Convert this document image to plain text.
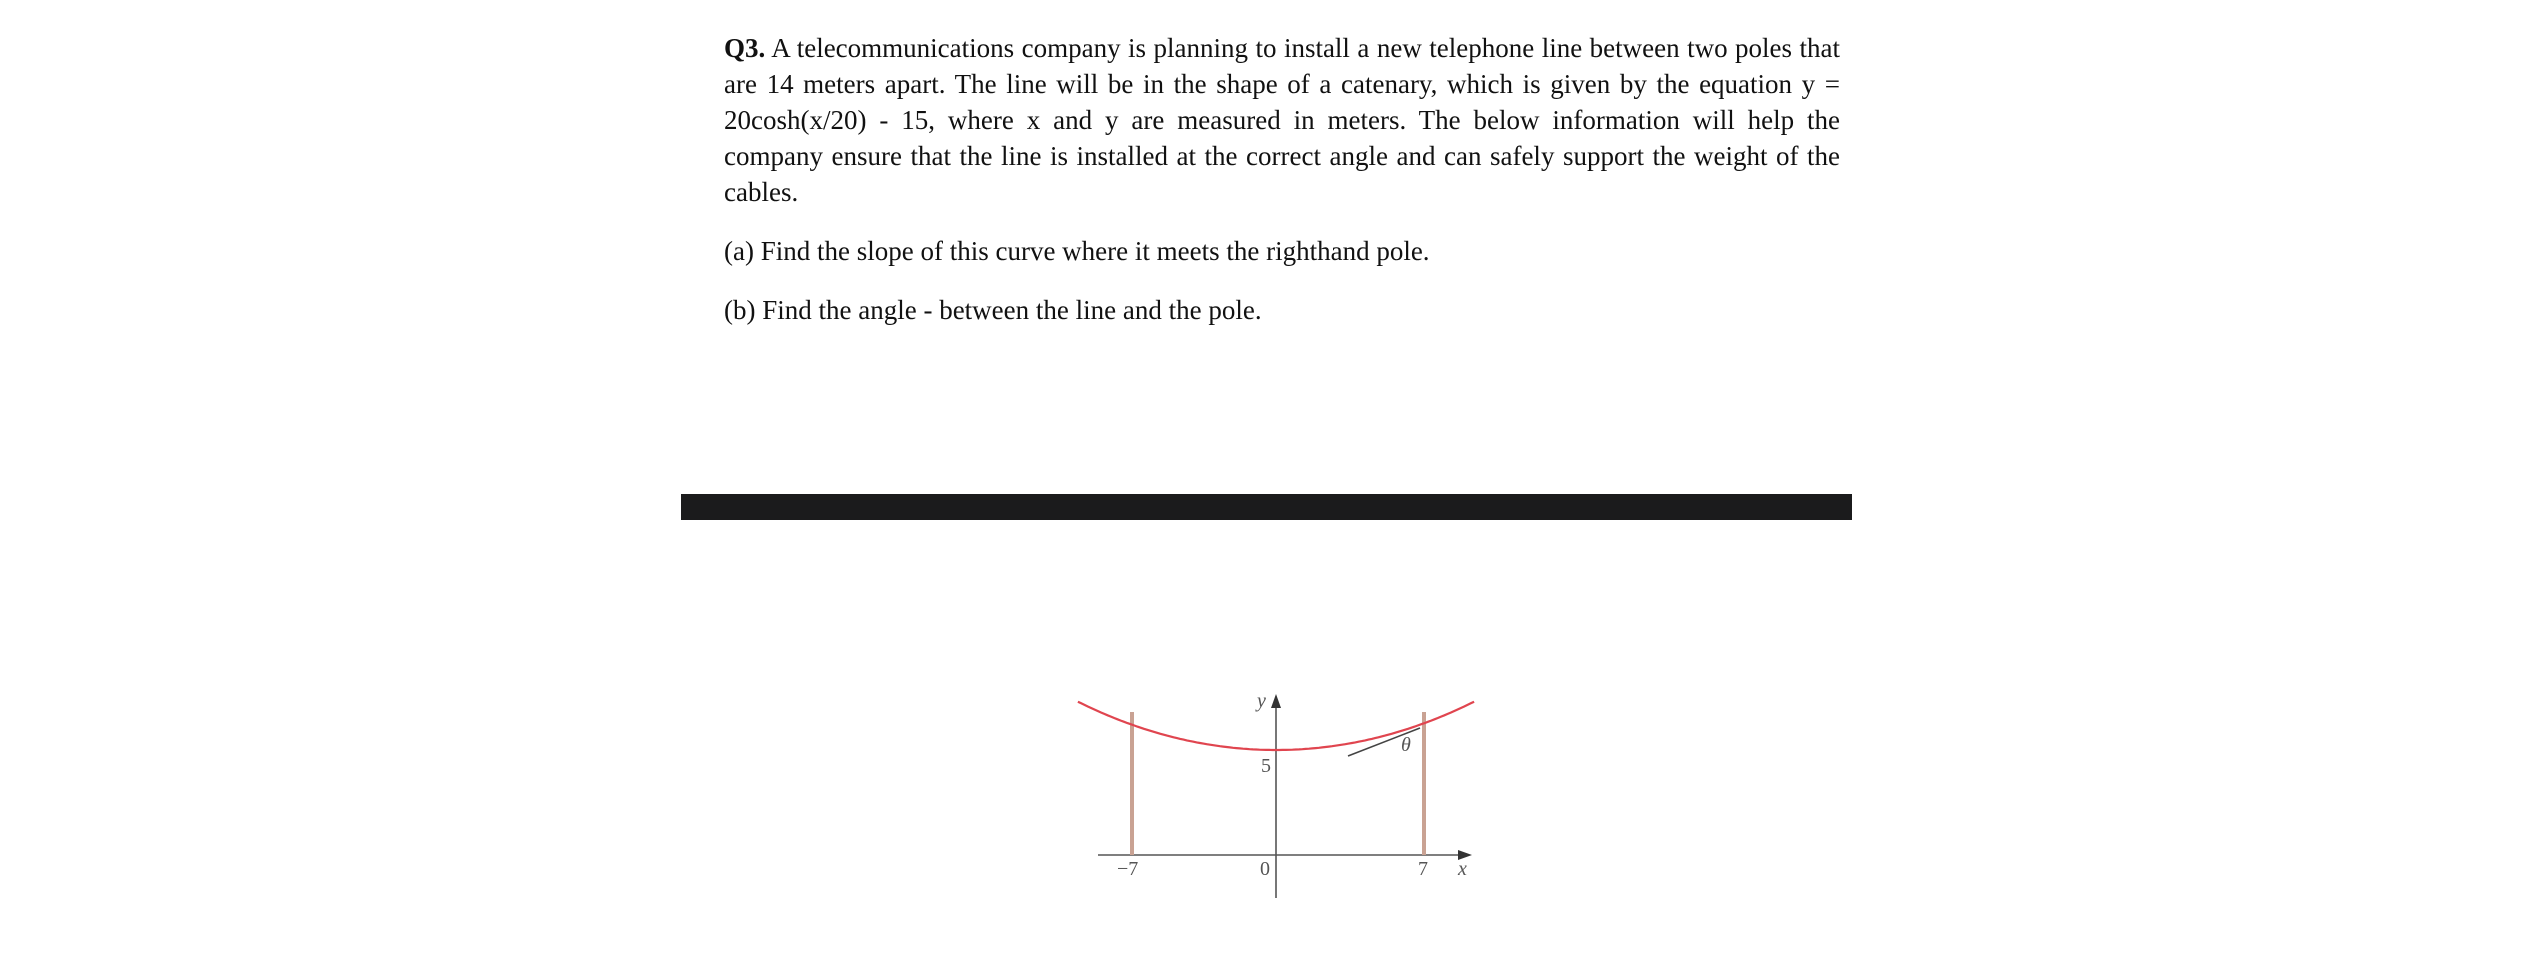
Q3. A telecommunications company is planning to install a new telephone line between two poles that are 14 meters apart. The line will be in the shape of a catenary, which is given by the equation y = 20cosh(x/20) - 15, where x and y are measured in meters. The below information will help the company ensure that the line is installed at the correct angle and can safely support the weight of the cables.

(a) Find the slope of this curve where it meets the righthand pole.

(b) Find the angle - between the line and the pole.

y
5
θ
−7	0	7 x
